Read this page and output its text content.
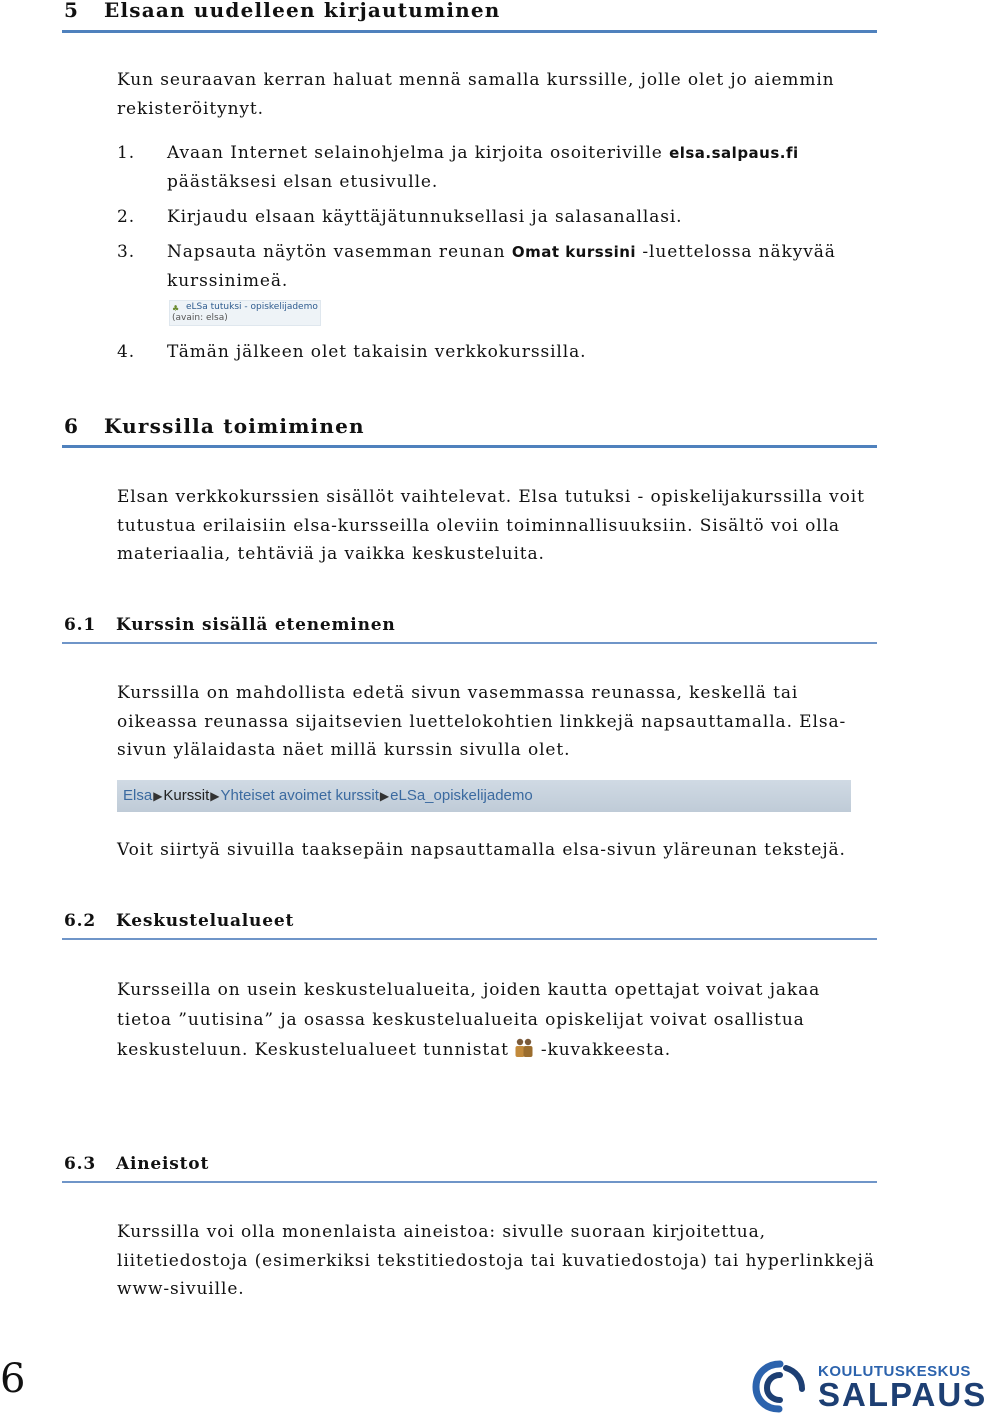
5 Elsaan uudelleen kirjautuminen
Kun seuraavan kerran haluat mennä samalla kurssille, jolle olet jo aiemmin rekisteröitynyt.
1. Avaan Internet selainohjelma ja kirjoita osoiteriville elsa.salpaus.fi päästäksesi elsan etusivulle.
2. Kirjaudu elsaan käyttäjätunnuksellasi ja salasanallasi.
3. Napsauta näytön vasemman reunan Omat kurssini -luettelossa näkyvää kurssinimeä.
♣ eLSa tutuksi - opiskelijademo
(avain: elsa)
4. Tämän jälkeen olet takaisin verkkokurssilla.
6 Kurssilla toimiminen
Elsan verkkokurssien sisällöt vaihtelevat. Elsa tutuksi - opiskelijakurssilla voit tutustua erilaisiin elsa-kursseilla oleviin toiminnallisuuksiin. Sisältö voi olla materiaalia, tehtäviä ja vaikka keskusteluita.
6.1 Kurssin sisällä eteneminen
Kurssilla on mahdollista edetä sivun vasemmassa reunassa, keskellä tai oikeassa reunassa sijaitsevien luettelokohtien linkkejä napsauttamalla. Elsa-sivun ylälaidasta näet millä kurssin sivulla olet.
Elsa▶Kurssit▶Yhteiset avoimet kurssit▶eLSa_opiskelijademo
Voit siirtyä sivuilla taaksepäin napsauttamalla elsa-sivun yläreunan tekstejä.
6.2 Keskustelualueet
Kursseilla on usein keskustelualueita, joiden kautta opettajat voivat jakaa tietoa ”uutisina” ja osassa keskustelualueita opiskelijat voivat osallistua keskusteluun. Keskustelualueet tunnistat -kuvakkeesta.
6.3 Aineistot
Kurssilla voi olla monenlaista aineistoa: sivulle suoraan kirjoitettua, liitetiedostoja (esimerkiksi tekstitiedostoja tai kuvatiedostoja) tai hyperlinkkejä www-sivuille.
6	KOULUTUSKESKUS
SALPAUS
